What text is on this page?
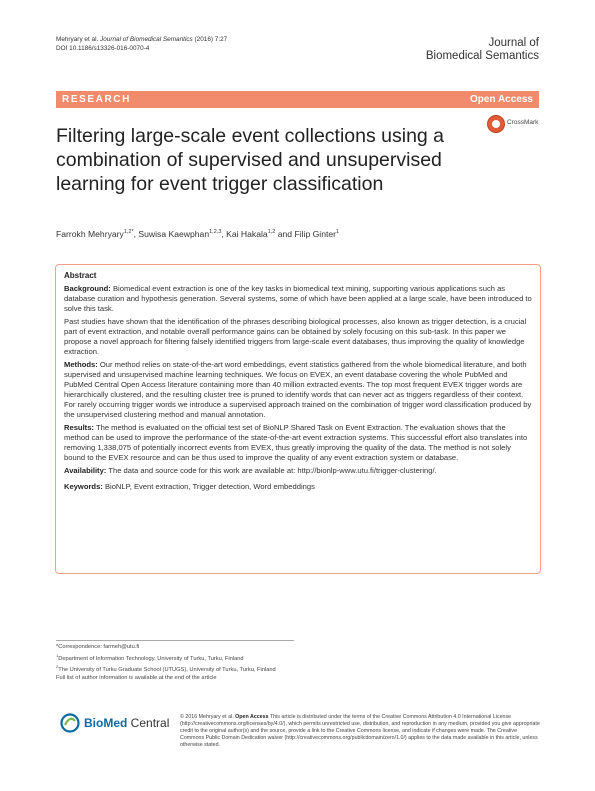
Mehryary et al. Journal of Biomedical Semantics (2016) 7:27
DOI 10.1186/s13326-016-0070-4	Journal of
Biomedical Semantics
RESEARCH	Open Access
CrossMark
Filtering large-scale event collections using a combination of supervised and unsupervised learning for event trigger classification
Farrokh Mehryary$^{1,2*}$, Suwisa Kaewphan$^{1,2,3}$, Kai Hakala$^{1,2}$ and Filip Ginter$^1$
Abstract

Background: Biomedical event extraction is one of the key tasks in biomedical text mining, supporting various applications such as database curation and hypothesis generation. Several systems, some of which have been applied at a large scale, have been introduced to solve this task.

Past studies have shown that the identification of the phrases describing biological processes, also known as trigger detection, is a crucial part of event extraction, and notable overall performance gains can be obtained by solely focusing on this sub-task. In this paper we propose a novel approach for filtering falsely identified triggers from large-scale event databases, thus improving the quality of knowledge extraction.

Methods: Our method relies on state-of-the-art word embeddings, event statistics gathered from the whole biomedical literature, and both supervised and unsupervised machine learning techniques. We focus on EVEX, an event database covering the whole PubMed and PubMed Central Open Access literature containing more than 40 million extracted events. The top most frequent EVEX trigger words are hierarchically clustered, and the resulting cluster tree is pruned to identify words that can never act as triggers regardless of their context. For rarely occurring trigger words we introduce a supervised approach trained on the combination of trigger word classification produced by the unsupervised clustering method and manual annotation.

Results: The method is evaluated on the official test set of BioNLP Shared Task on Event Extraction. The evaluation shows that the method can be used to improve the performance of the state-of-the-art event extraction systems. This successful effort also translates into removing 1,338,075 of potentially incorrect events from EVEX, thus greatly improving the quality of the data. The method is not solely bound to the EVEX resource and can be thus used to improve the quality of any event extraction system or database.

Availability: The data and source code for this work are available at: http://bionlp-www.utu.fi/trigger-clustering/.

Keywords: BioNLP, Event extraction, Trigger detection, Word embeddings

*Correspondence: farmeh@utu.fi
$^1$Department of Information Technology, University of Turku, Turku, Finland
$^2$The University of Turku Graduate School (UTUGS), University of Turku, Turku, Finland
Full list of author information is available at the end of the article
BioMed Central © 2016 Mehryary et al. Open Access This article is distributed under the terms of the Creative Commons Attribution 4.0 International License (http://creativecommons.org/licenses/by/4.0/), which permits unrestricted use, distribution, and reproduction in any medium, provided you give appropriate credit to the original author(s) and the source, provide a link to the Creative Commons license, and indicate if changes were made. The Creative Commons Public Domain Dedication waiver (http://creativecommons.org/publicdomain/zero/1.0/) applies to the data made available in this article, unless otherwise stated.
